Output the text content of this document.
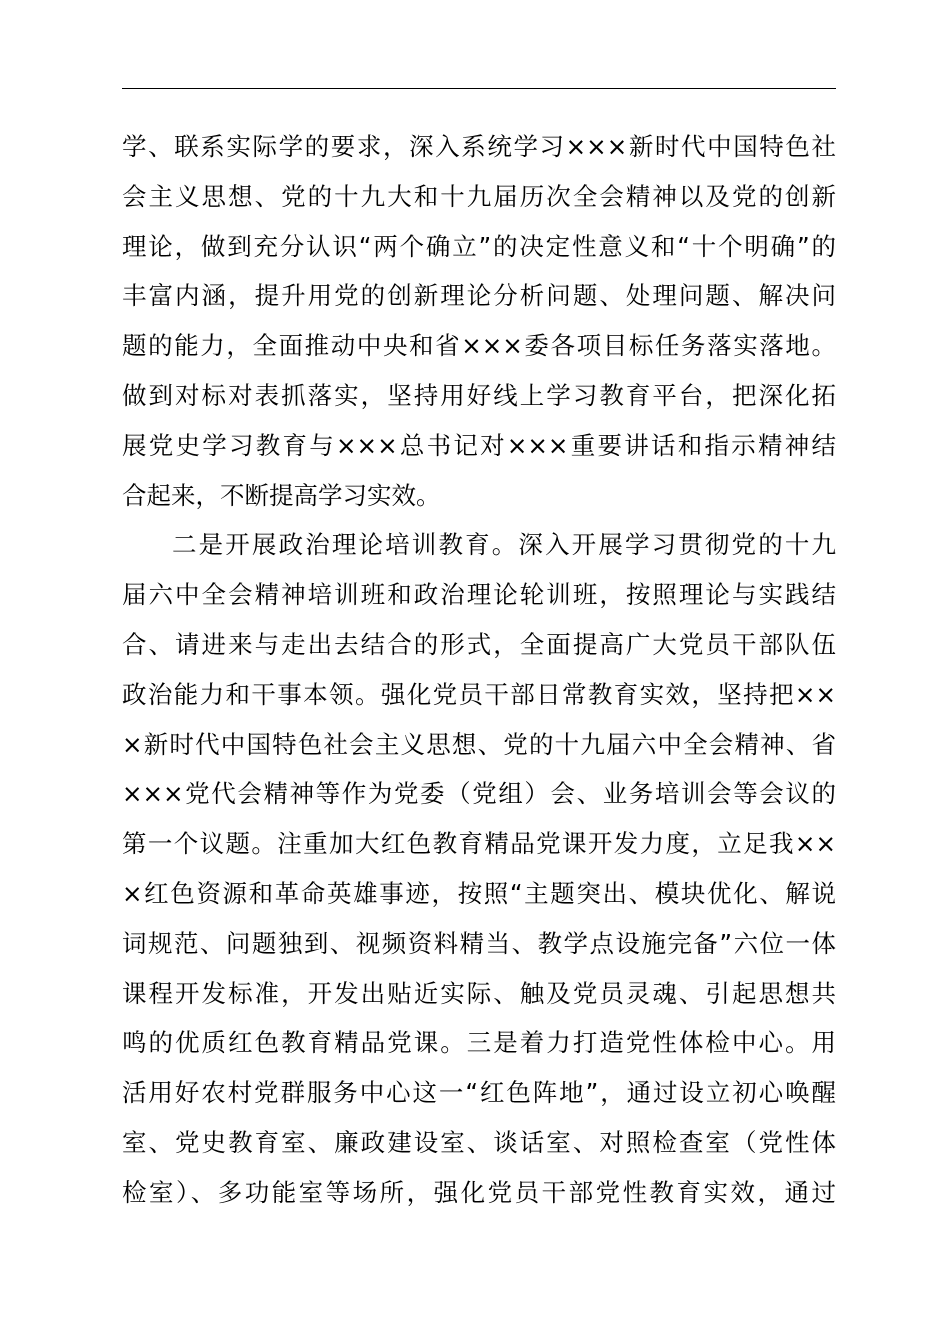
学、联系实际学的要求，深入系统学习×××新时代中国特色社
会主义思想、党的十九大和十九届历次全会精神以及党的创新
理论，做到充分认识“两个确立”的决定性意义和“十个明确”的
丰富内涵，提升用党的创新理论分析问题、处理问题、解决问
题的能力，全面推动中央和省×××委各项目标任务落实落地。
做到对标对表抓落实，坚持用好线上学习教育平台，把深化拓
展党史学习教育与×××总书记对×××重要讲话和指示精神结
合起来，不断提高学习实效。
二是开展政治理论培训教育。深入开展学习贯彻党的十九
届六中全会精神培训班和政治理论轮训班，按照理论与实践结
合、请进来与走出去结合的形式，全面提高广大党员干部队伍
政治能力和干事本领。强化党员干部日常教育实效，坚持把××
×新时代中国特色社会主义思想、党的十九届六中全会精神、省
×××党代会精神等作为党委（党组）会、业务培训会等会议的
第一个议题。注重加大红色教育精品党课开发力度，立足我××
×红色资源和革命英雄事迹，按照“主题突出、模块优化、解说
词规范、问题独到、视频资料精当、教学点设施完备”六位一体
课程开发标准，开发出贴近实际、触及党员灵魂、引起思想共
鸣的优质红色教育精品党课。三是着力打造党性体检中心。用
活用好农村党群服务中心这一“红色阵地”，通过设立初心唤醒
室、党史教育室、廉政建设室、谈话室、对照检查室（党性体
检室）、多功能室等场所，强化党员干部党性教育实效，通过
